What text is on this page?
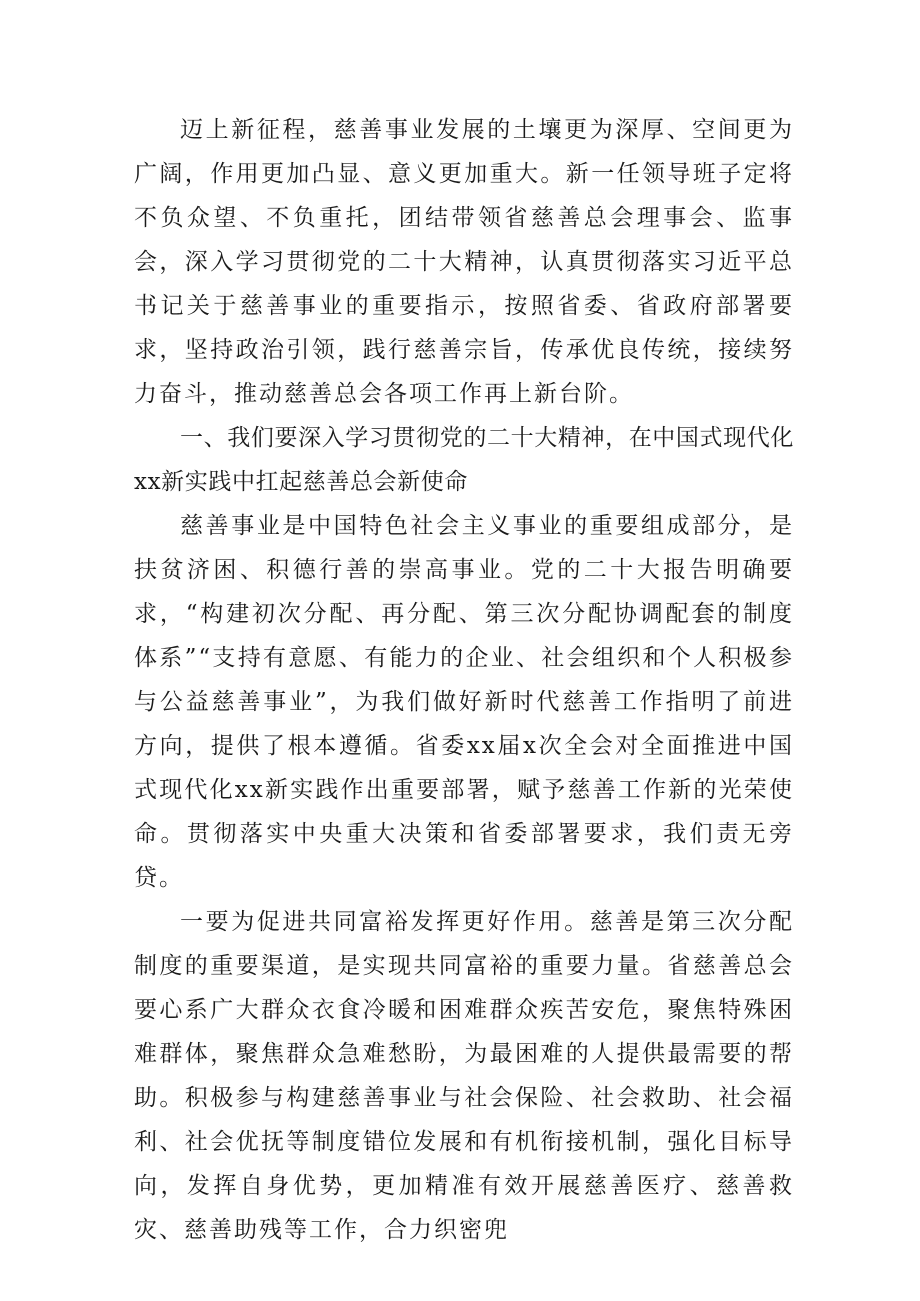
迈上新征程，慈善事业发展的土壤更为深厚、空间更为广阔，作用更加凸显、意义更加重大。新一任领导班子定将不负众望、不负重托，团结带领省慈善总会理事会、监事会，深入学习贯彻党的二十大精神，认真贯彻落实习近平总书记关于慈善事业的重要指示，按照省委、省政府部署要求，坚持政治引领，践行慈善宗旨，传承优良传统，接续努力奋斗，推动慈善总会各项工作再上新台阶。

一、我们要深入学习贯彻党的二十大精神，在中国式现代化xx新实践中扛起慈善总会新使命

慈善事业是中国特色社会主义事业的重要组成部分，是扶贫济困、积德行善的崇高事业。党的二十大报告明确要求，“构建初次分配、再分配、第三次分配协调配套的制度体系”“支持有意愿、有能力的企业、社会组织和个人积极参与公益慈善事业”，为我们做好新时代慈善工作指明了前进方向，提供了根本遵循。省委xx届x次全会对全面推进中国式现代化xx新实践作出重要部署，赋予慈善工作新的光荣使命。贯彻落实中央重大决策和省委部署要求，我们责无旁贷。

一要为促进共同富裕发挥更好作用。慈善是第三次分配制度的重要渠道，是实现共同富裕的重要力量。省慈善总会要心系广大群众衣食冷暖和困难群众疾苦安危，聚焦特殊困难群体，聚焦群众急难愁盼，为最困难的人提供最需要的帮助。积极参与构建慈善事业与社会保险、社会救助、社会福利、社会优抚等制度错位发展和有机衔接机制，强化目标导向，发挥自身优势，更加精准有效开展慈善医疗、慈善救灾、慈善助残等工作，合力织密兜
